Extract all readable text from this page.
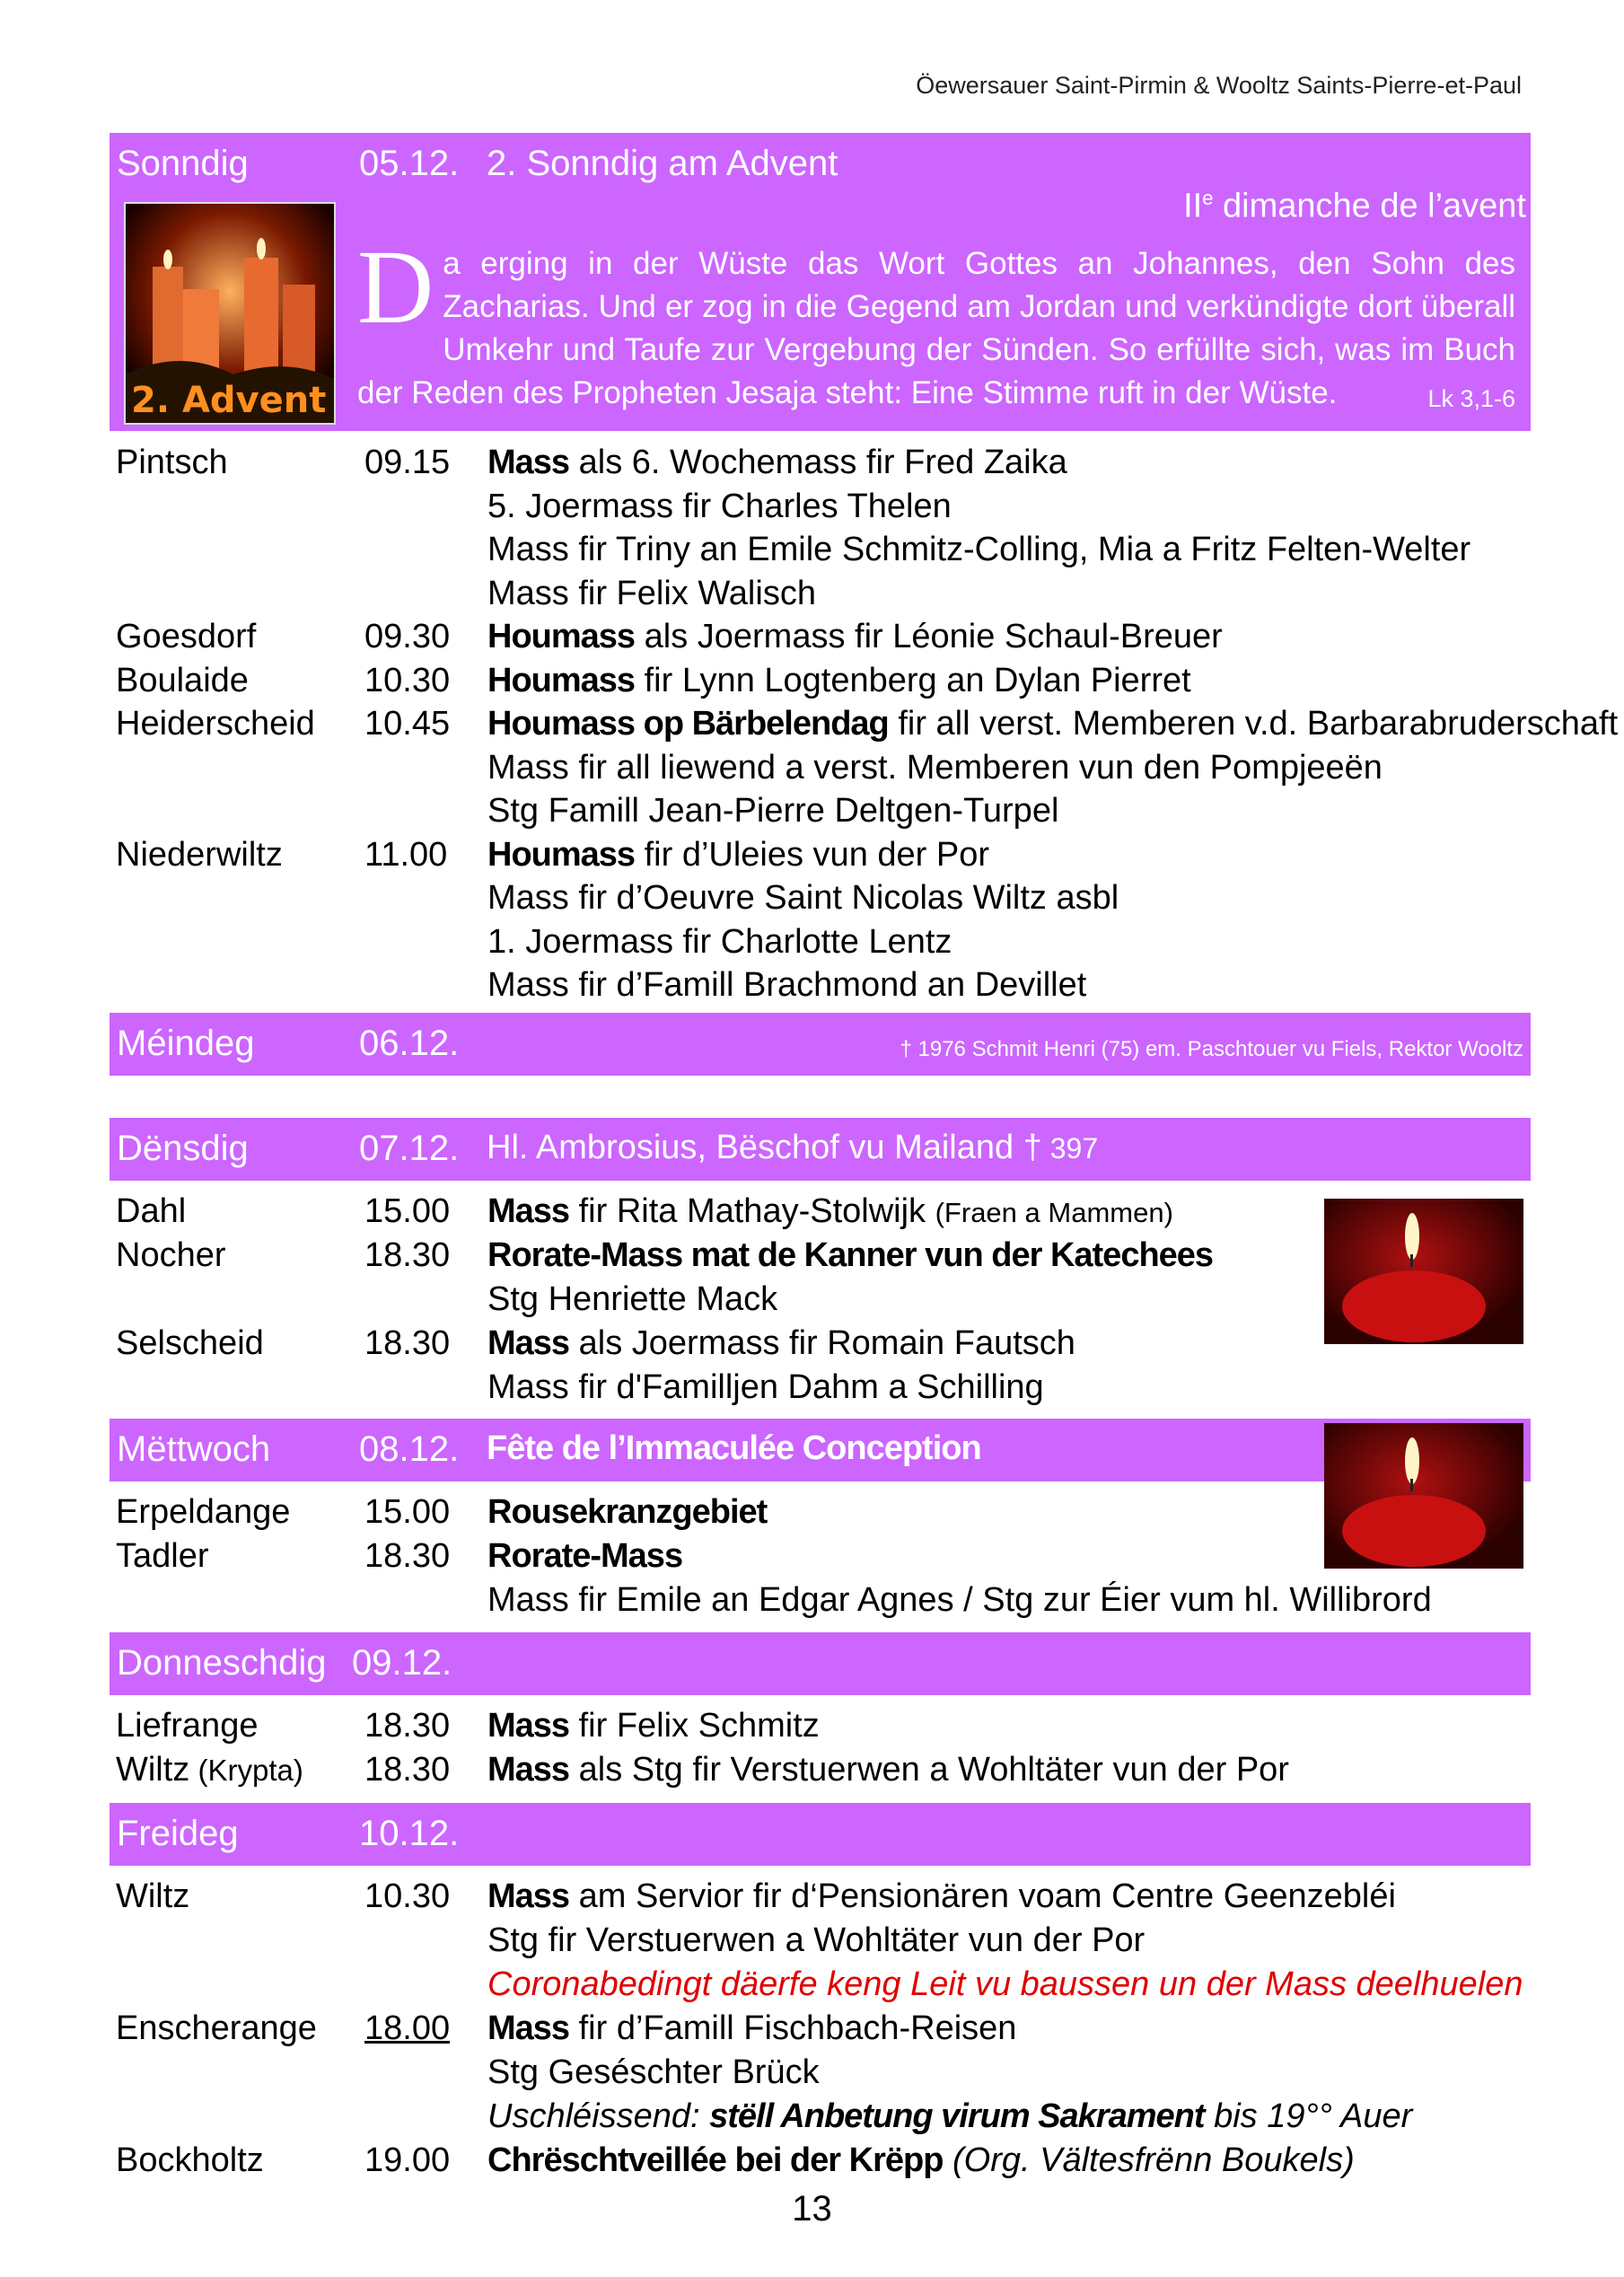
Öewersauer Saint-Pirmin & Wooltz Saints-Pierre-et-Paul
Sonndig	05.12. 2. Sonndig am Advent
IIe dimanche de l’avent
2. Advent
Da erging in der Wüste das Wort Gottes an Johannes, den Sohn des Zacharias. Und er zog in die Gegend am Jordan und verkündigte dort überall Umkehr und Taufe zur Vergebung der Sünden. So erfüllte sich, was im Buch der Reden des Propheten Jesaja steht: Eine Stimme ruft in der Wüste.	Lk 3,1-6
Pintsch	09.15 Mass als 6. Wochemass fir Fred Zaika
5. Joermass fir Charles Thelen
Mass fir Triny an Emile Schmitz-Colling, Mia a Fritz Felten-Welter
Mass fir Felix Walisch
Goesdorf	09.30 Houmass als Joermass fir Léonie Schaul-Breuer
Boulaide	10.30 Houmass fir Lynn Logtenberg an Dylan Pierret
Heiderscheid 10.45 Houmass op Bärbelendag fir all verst. Memberen v.d. Barbarabruderschaft
Mass fir all liewend a verst. Memberen vun den Pompjeeën
Stg Famill Jean-Pierre Deltgen-Turpel
Niederwiltz 11.00 Houmass fir d’Uleies vun der Por
Mass fir d’Oeuvre Saint Nicolas Wiltz asbl
1. Joermass fir Charlotte Lentz
Mass fir d’Famill Brachmond an Devillet
Méindeg	06.12.	† 1976 Schmit Henri (75) em. Paschtouer vu Fiels, Rektor Wooltz
Dënsdig	07.12. Hl. Ambrosius, Bëschof vu Mailand † 397
Dahl	15.00 Mass fir Rita Mathay-Stolwijk (Fraen a Mammen)
Nocher	18.30 Rorate-Mass mat de Kanner vun der Katechees
Stg Henriette Mack
Selscheid	18.30 Mass als Joermass fir Romain Fautsch
Mass fir d'Familljen Dahm a Schilling
Mëttwoch 08.12. Fête de l’Immaculée Conception
Erpeldange 15.00 Rousekranzgebiet
Tadler	18.30 Rorate-Mass
Mass fir Emile an Edgar Agnes / Stg zur Éier vum hl. Willibrord
Donneschdig 09.12.
Liefrange	18.30 Mass fir Felix Schmitz
Wiltz (Krypta) 18.30 Mass als Stg fir Verstuerwen a Wohltäter vun der Por
Freideg	10.12.
Wiltz	10.30 Mass am Servior fir d‘Pensionären voam Centre Geenzebléi
Stg fir Verstuerwen a Wohltäter vun der Por
Coronabedingt däerfe keng Leit vu baussen un der Mass deelhuelen
Enscherange 18.00 Mass fir d’Famill Fischbach-Reisen
Stg Geséschter Brück
Uschléissend: stëll Anbetung virum Sakrament bis 19°° Auer
Bockholtz	19.00 Chrëschtveillée bei der Krëpp (Org. Vältesfrënn Boukels)
13
